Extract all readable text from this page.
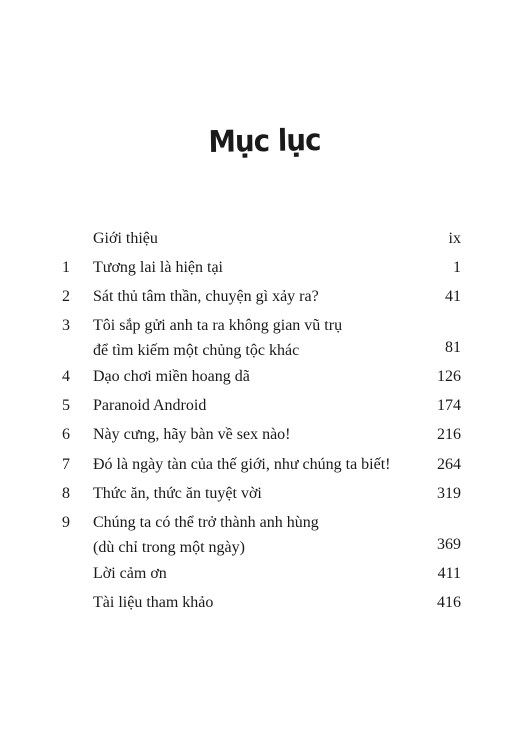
Mục lục
Giới thiệu	ix
1	Tương lai là hiện tại	1
2	Sát thủ tâm thần, chuyện gì xảy ra?	41
3	Tôi sắp gửi anh ta ra không gian vũ trụ
để tìm kiếm một chủng tộc khác	81
4	Dạo chơi miền hoang dã	126
5	Paranoid Android	174
6	Này cưng, hãy bàn về sex nào!	216
7	Đó là ngày tàn của thế giới, như chúng ta biết!	264
8	Thức ăn, thức ăn tuyệt vời	319
9	Chúng ta có thể trở thành anh hùng
(dù chỉ trong một ngày)	369
Lời cảm ơn	411
Tài liệu tham khảo	416
